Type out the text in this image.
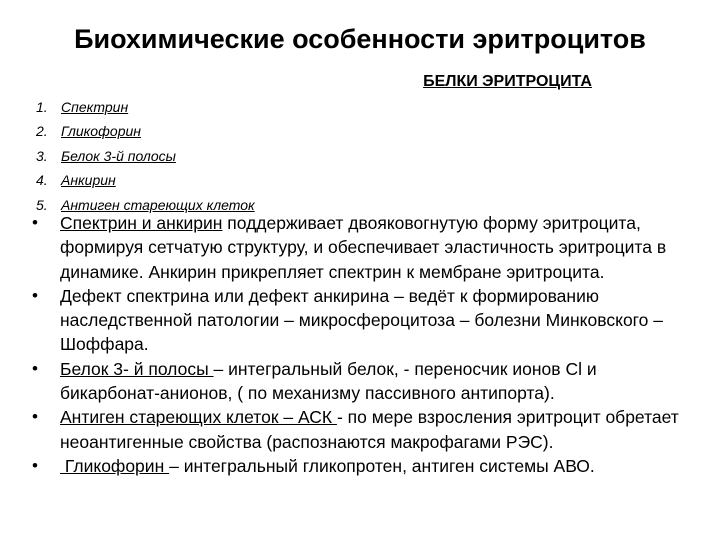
Биохимические особенности эритроцитов
БЕЛКИ ЭРИТРОЦИТА
1. Спектрин
2. Гликофорин
3. Белок 3-й полосы
4. Анкирин
5. Антиген стареющих клеток
•	Спектрин и анкирин поддерживает двояковогнутую форму эритроцита, формируя сетчатую структуру, и обеспечивает эластичность эритроцита в динамике. Анкирин прикрепляет спектрин к мембране эритроцита.
•	Дефект спектрина или дефект анкирина – ведёт к формированию наследственной патологии – микросфероцитоза – болезни Минковского – Шоффара.
•	Белок 3- й полосы – интегральный белок, - переносчик ионов Cl и бикарбонат-анионов, ( по механизму пассивного антипорта).
•	Антиген стареющих клеток – АСК - по мере взросления эритроцит обретает неоантигенные свойства (распознаются макрофагами РЭС).
•	Гликофорин – интегральный гликопротен, антиген системы АВО.
